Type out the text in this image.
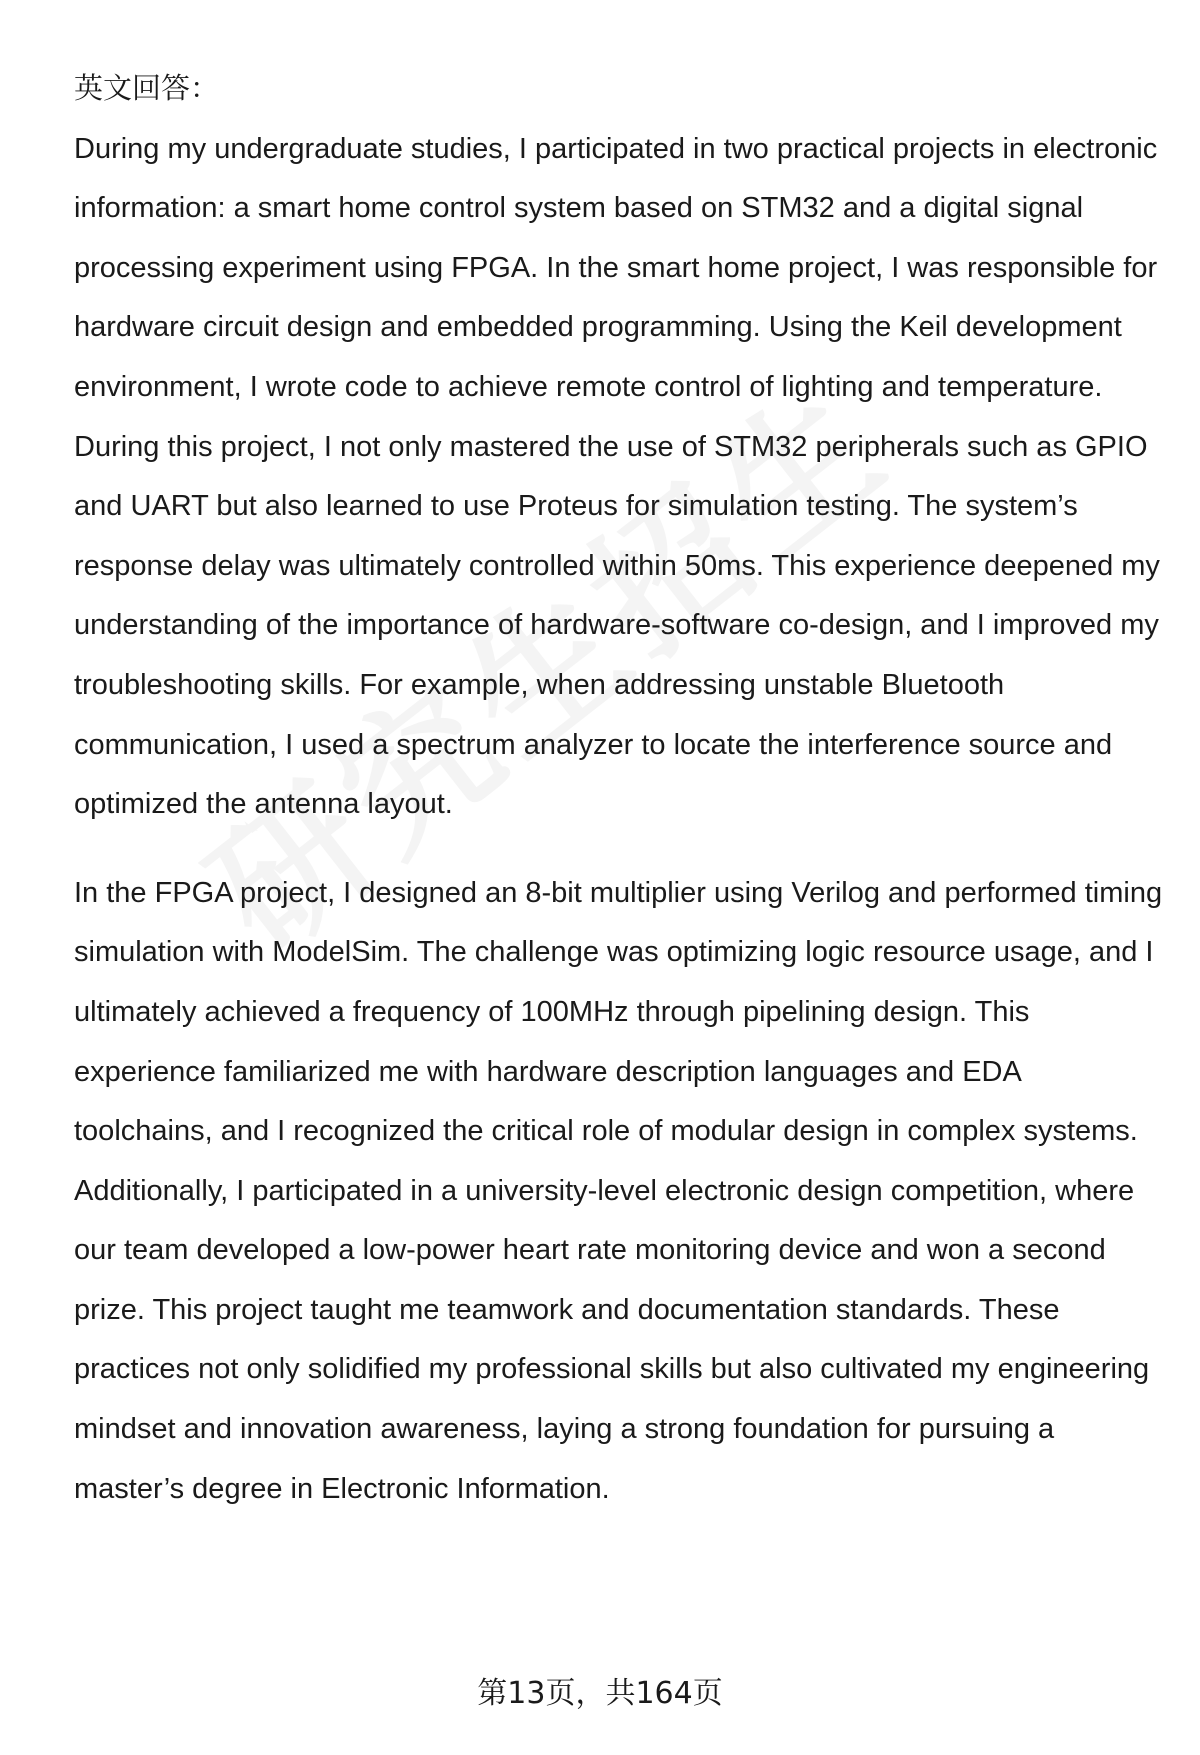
英文回答：

During my undergraduate studies, I participated in two practical projects in electronic information: a smart home control system based on STM32 and a digital signal processing experiment using FPGA. In the smart home project, I was responsible for hardware circuit design and embedded programming. Using the Keil development environment, I wrote code to achieve remote control of lighting and temperature. During this project, I not only mastered the use of STM32 peripherals such as GPIO and UART but also learned to use Proteus for simulation testing. The system’s response delay was ultimately controlled within 50ms. This experience deepened my understanding of the importance of hardware-software co-design, and I improved my troubleshooting skills. For example, when addressing unstable Bluetooth communication, I used a spectrum analyzer to locate the interference source and optimized the antenna layout.

In the FPGA project, I designed an 8-bit multiplier using Verilog and performed timing simulation with ModelSim. The challenge was optimizing logic resource usage, and I ultimately achieved a frequency of 100MHz through pipelining design. This experience familiarized me with hardware description languages and EDA toolchains, and I recognized the critical role of modular design in complex systems. Additionally, I participated in a university-level electronic design competition, where our team developed a low-power heart rate monitoring device and won a second prize. This project taught me teamwork and documentation standards. These practices not only solidified my professional skills but also cultivated my engineering mindset and innovation awareness, laying a strong foundation for pursuing a master’s degree in Electronic Information.

第13页，共164页
